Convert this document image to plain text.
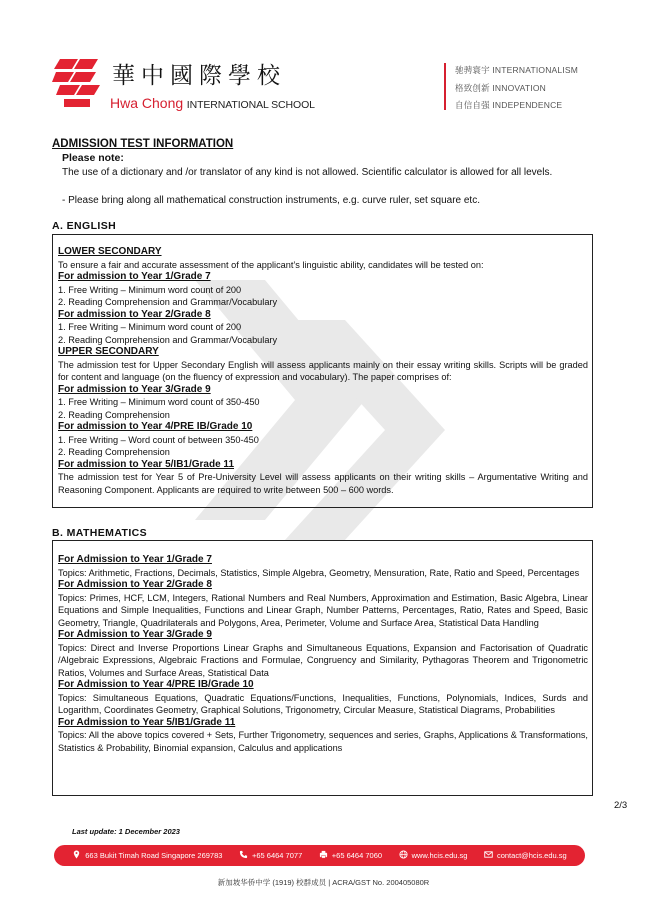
華中國際學校
Hwa Chong INTERNATIONAL SCHOOL
驰骋寰宇 INTERNATIONALISM
格致创新 INNOVATION
自信自强 INDEPENDENCE
ADMISSION TEST INFORMATION
Please note:
The use of a dictionary and /or translator of any kind is not allowed. Scientific calculator is allowed for all levels.
- Please bring along all mathematical construction instruments, e.g. curve ruler, set square etc.
A. ENGLISH
LOWER SECONDARY
To ensure a fair and accurate assessment of the applicant’s linguistic ability, candidates will be tested on:
For admission to Year 1/Grade 7
1. Free Writing – Minimum word count of 200
2. Reading Comprehension and Grammar/Vocabulary
For admission to Year 2/Grade 8
1. Free Writing – Minimum word count of 200
2. Reading Comprehension and Grammar/Vocabulary
UPPER SECONDARY
The admission test for Upper Secondary English will assess applicants mainly on their essay writing skills. Scripts will be graded for content and language (on the fluency of expression and vocabulary). The paper comprises of:
For admission to Year 3/Grade 9
1. Free Writing – Minimum word count of 350-450
2. Reading Comprehension
For admission to Year 4/PRE IB/Grade 10
1. Free Writing – Word count of between 350-450
2. Reading Comprehension
For admission to Year 5/IB1/Grade 11
The admission test for Year 5 of Pre-University Level will assess applicants on their writing skills – Argumentative Writing and Reasoning Component. Applicants are required to write between 500 – 600 words.
B. MATHEMATICS
For Admission to Year 1/Grade 7
Topics: Arithmetic, Fractions, Decimals, Statistics, Simple Algebra, Geometry, Mensuration, Rate, Ratio and Speed, Percentages
For Admission to Year 2/Grade 8
Topics: Primes, HCF, LCM, Integers, Rational Numbers and Real Numbers, Approximation and Estimation, Basic Algebra, Linear Equations and Simple Inequalities, Functions and Linear Graph, Number Patterns, Percentages, Ratio, Rates and Speed, Basic Geometry, Triangle, Quadrilaterals and Polygons, Area, Perimeter, Volume and Surface Area, Statistical Data Handling
For Admission to Year 3/Grade 9
Topics: Direct and Inverse Proportions Linear Graphs and Simultaneous Equations, Expansion and Factorisation of Quadratic /Algebraic Expressions, Algebraic Fractions and Formulae, Congruency and Similarity, Pythagoras Theorem and Trigonometric Ratios, Volumes and Surface Areas, Statistical Data
For Admission to Year 4/PRE IB/Grade 10
Topics: Simultaneous Equations, Quadratic Equations/Functions, Inequalities, Functions, Polynomials, Indices, Surds and Logarithm, Coordinates Geometry, Graphical Solutions, Trigonometry, Circular Measure, Statistical Diagrams, Probabilities
For Admission to Year 5/IB1/Grade 11
Topics: All the above topics covered + Sets, Further Trigonometry, sequences and series, Graphs, Applications & Transformations, Statistics & Probability, Binomial expansion, Calculus and applications
2/3
Last update: 1 December 2023
663 Bukit Timah Road Singapore 269783	+65 6464 7077	+65 6464 7060	www.hcis.edu.sg	contact@hcis.edu.sg
新加坡华侨中学 (1919) 校群成员 | ACRA/GST No. 200405080R
